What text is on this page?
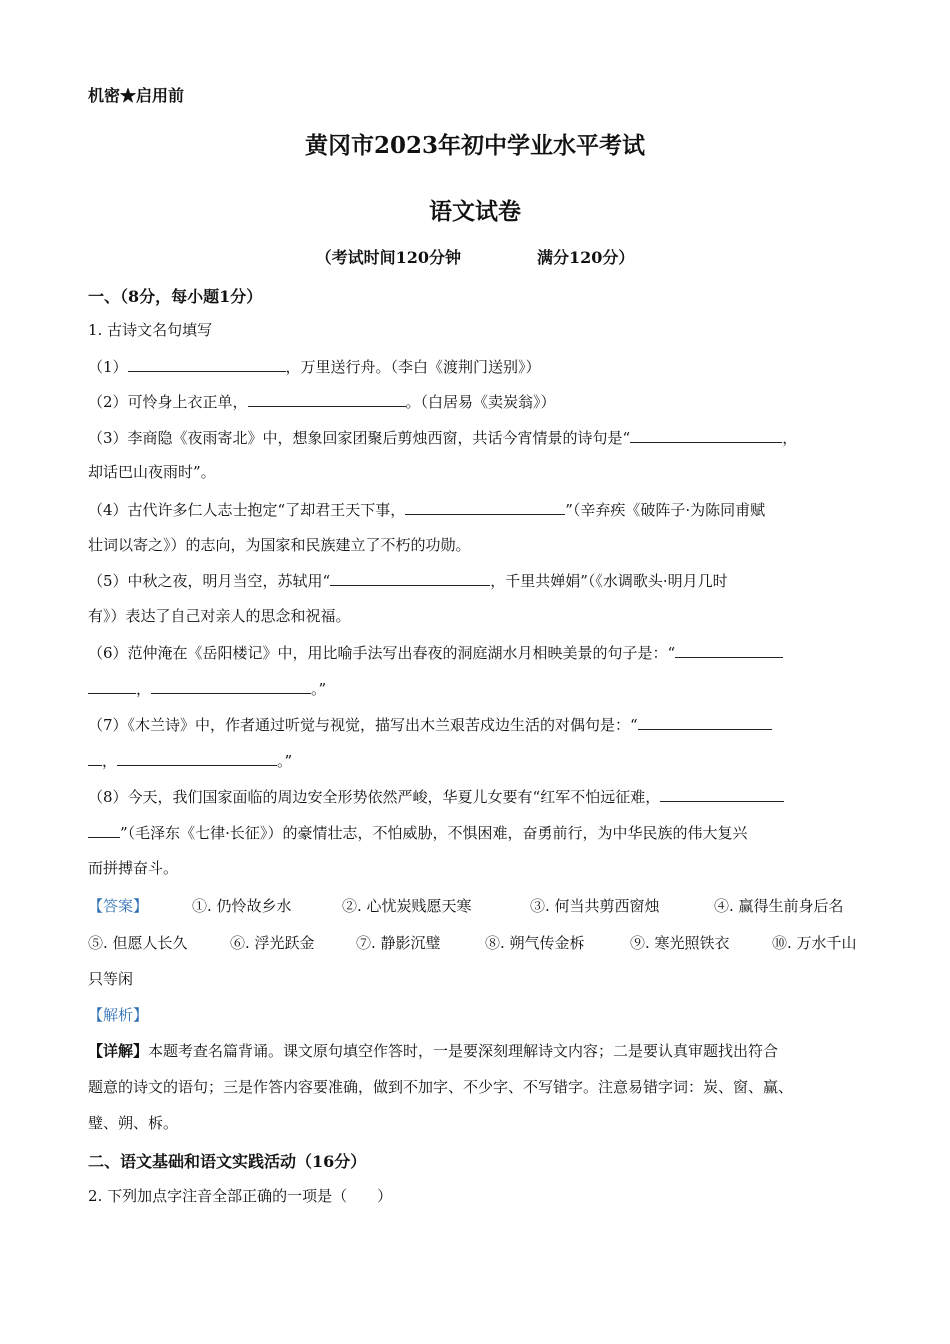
机密★启用前
黄冈市2023年初中学业水平考试
语文试卷
（考试时间120分钟	满分120分）
一、（8分，每小题1分）
1. 古诗文名句填写
（1）	，万里送行舟。（李白《渡荆门送别》）
（2）可怜身上衣正单，	。（白居易《卖炭翁》）
（3）李商隐《夜雨寄北》中，想象回家团聚后剪烛西窗，共话今宵情景的诗句是“	，
却话巴山夜雨时”。
（4）古代许多仁人志士抱定“了却君王天下事，	”（辛弃疾《破阵子·为陈同甫赋
壮词以寄之》）的志向，为国家和民族建立了不朽的功勋。
（5）中秋之夜，明月当空，苏轼用“	，千里共婵娟”（《水调歌头·明月几时
有》）表达了自己对亲人的思念和祝福。
（6）范仲淹在《岳阳楼记》中，用比喻手法写出春夜的洞庭湖水月相映美景的句子是：“
，	。”
（7）《木兰诗》中，作者通过听觉与视觉，描写出木兰艰苦戍边生活的对偶句是：“
，	。”
（8）今天，我们国家面临的周边安全形势依然严峻，华夏儿女要有“红军不怕远征难，
”（毛泽东《七律·长征》）的豪情壮志，不怕威胁，不惧困难，奋勇前行，为中华民族的伟大复兴
而拼搏奋斗。
【答案】	①. 仍怜故乡水	②. 心忧炭贱愿天寒	③. 何当共剪西窗烛	④. 赢得生前身后名
⑤. 但愿人长久	⑥. 浮光跃金	⑦. 静影沉璧	⑧. 朔气传金柝	⑨. 寒光照铁衣	⑩. 万水千山
只等闲
【解析】
【详解】本题考查名篇背诵。课文原句填空作答时，一是要深刻理解诗文内容；二是要认真审题找出符合
题意的诗文的语句；三是作答内容要准确，做到不加字、不少字、不写错字。注意易错字词：炭、窗、赢、
璧、朔、柝。
二、语文基础和语文实践活动（16分）
2. 下列加点字注音全部正确的一项是（　　）
